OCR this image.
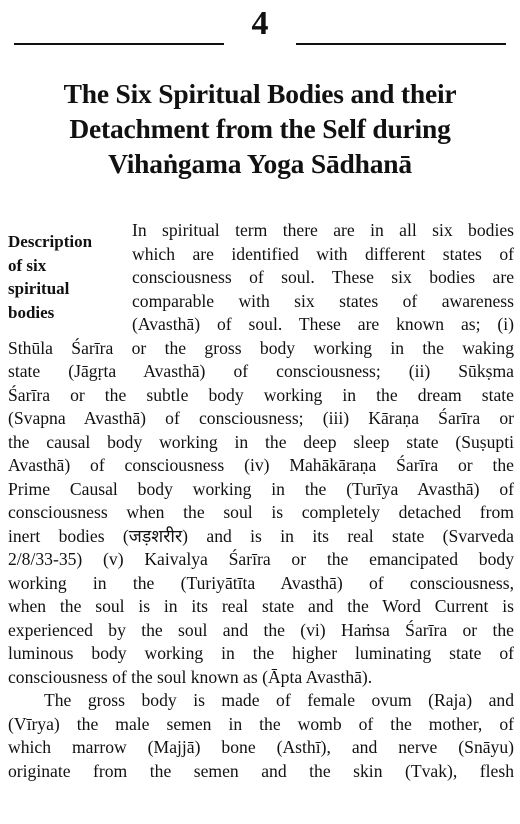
4
The Six Spiritual Bodies and their
Detachment from the Self during
Vihaṅgama Yoga Sādhanā
Description
of six
spiritual
bodies
In spiritual term there are in all six bodies
which are identified with different states of
consciousness of soul. These six bodies are
comparable with six states of awareness
(Avasthā) of soul. These are known as; (i)
Sthūla Śarīra or the gross body working in the waking
state (Jāgṛta Avasthā) of consciousness; (ii) Sūkṣma
Śarīra or the subtle body working in the dream state
(Svapna Avasthā) of consciousness; (iii) Kāraṇa Śarīra or
the causal body working in the deep sleep state (Suṣupti
Avasthā) of consciousness (iv) Mahākāraṇa Śarīra or the
Prime Causal body working in the (Turīya Avasthā) of
consciousness when the soul is completely detached from
inert bodies (जड़शरीर) and is in its real state (Svarveda
2/8/33-35) (v) Kaivalya Śarīra or the emancipated body
working in the (Turiyātīta Avasthā) of consciousness,
when the soul is in its real state and the Word Current is
experienced by the soul and the (vi) Haṁsa Śarīra or the
luminous body working in the higher luminating state of
consciousness of the soul known as (Āpta Avasthā).
The gross body is made of female ovum (Raja) and
(Vīrya) the male semen in the womb of the mother, of
which marrow (Majjā) bone (Asthī), and nerve (Snāyu)
originate from the semen and the skin (Tvak), flesh
